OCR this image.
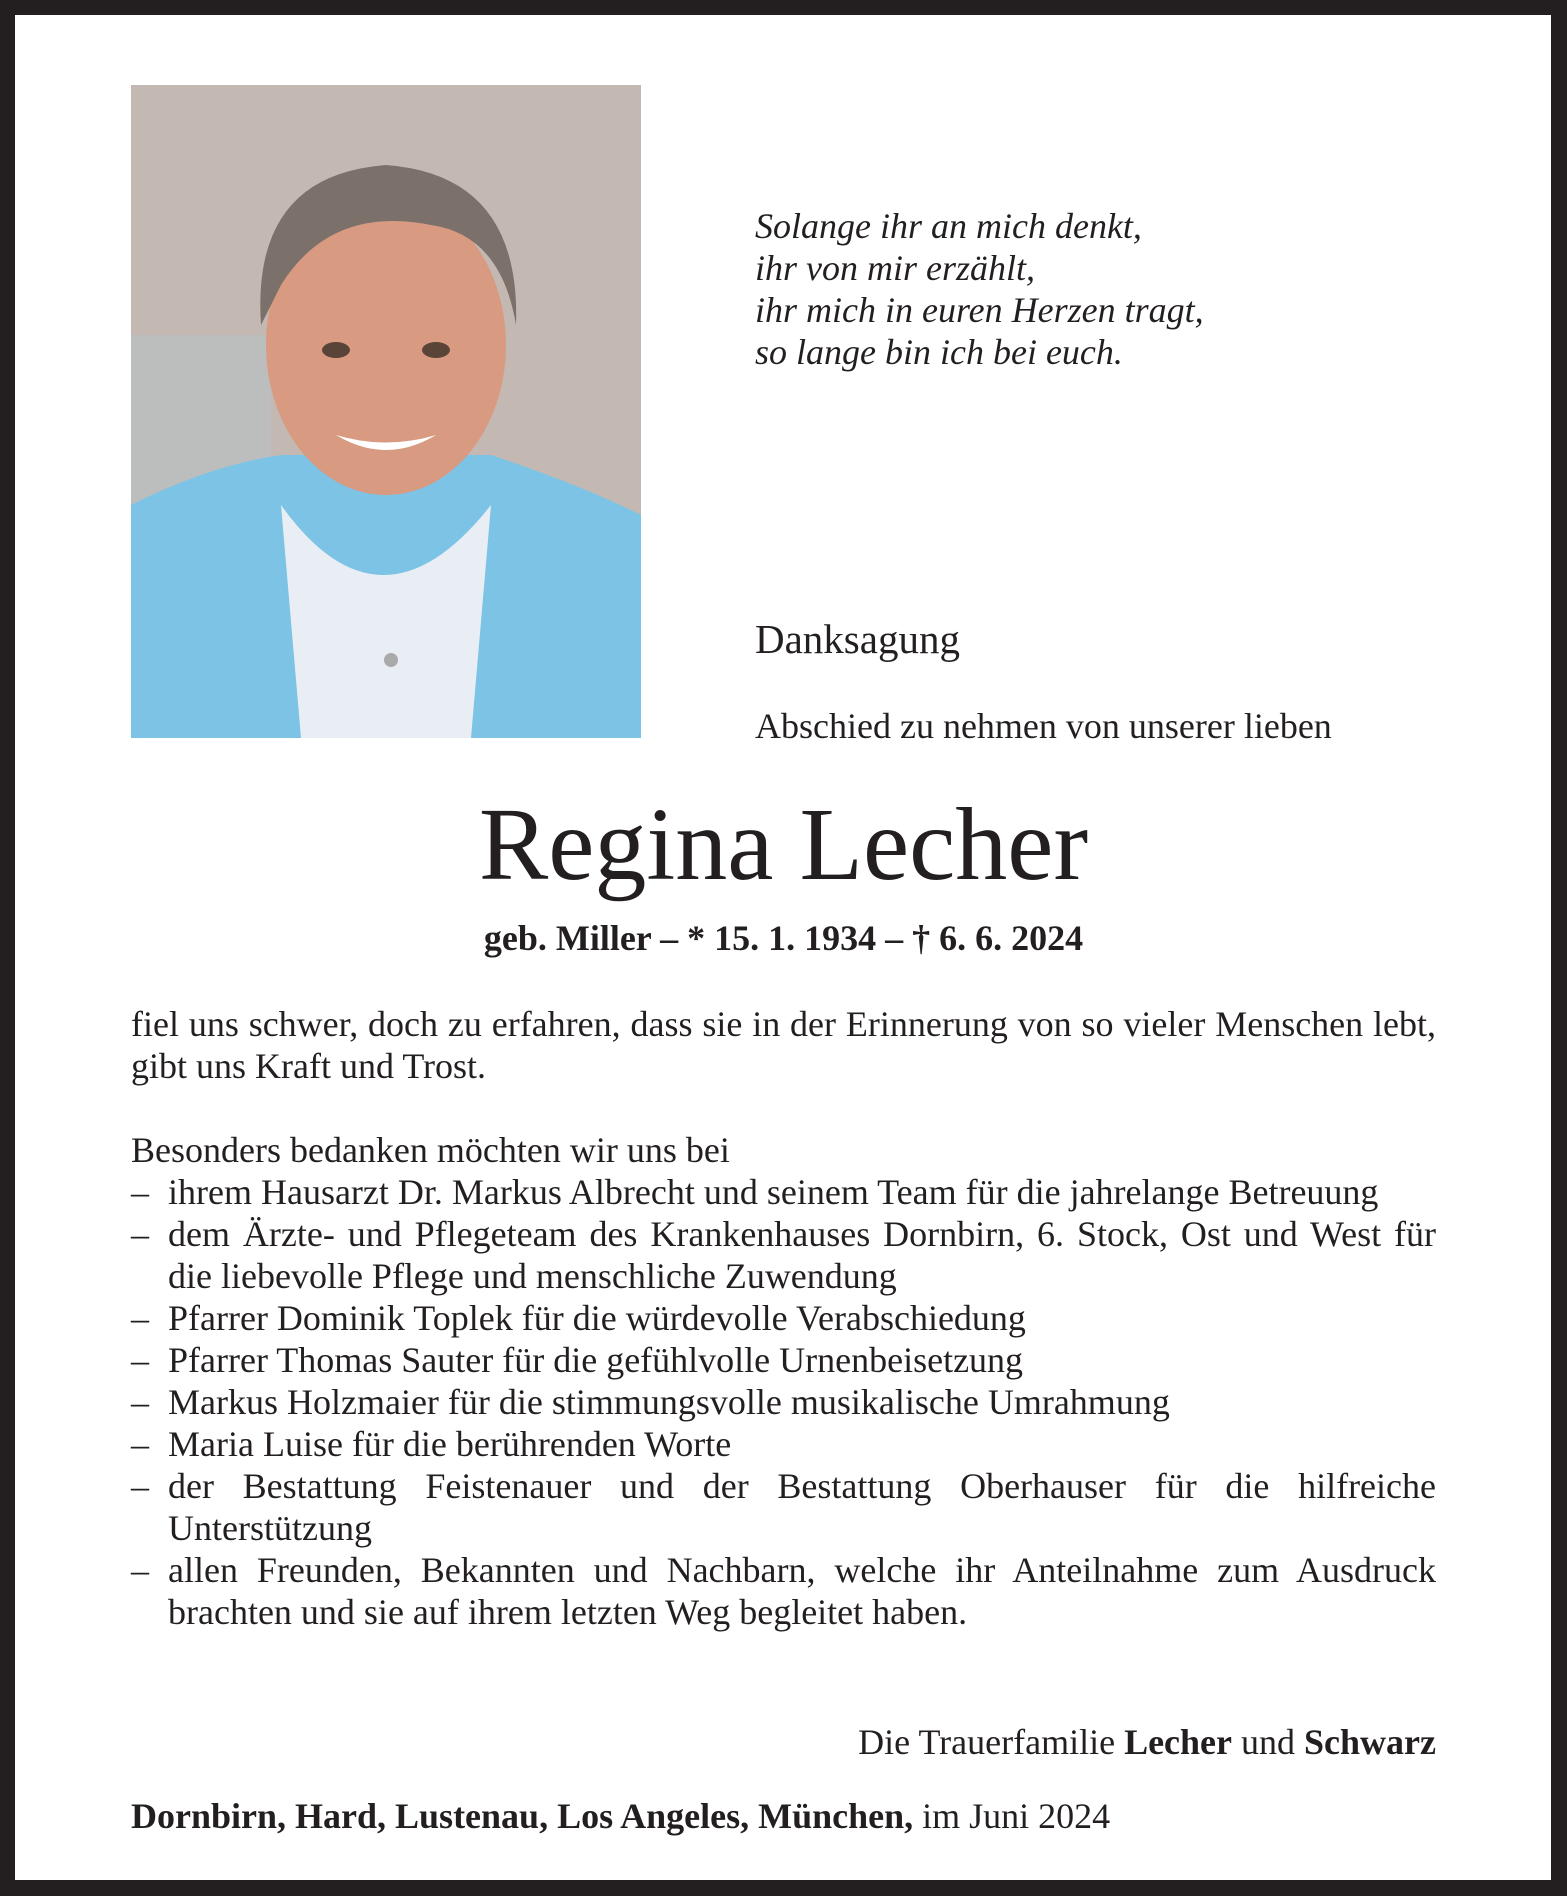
Solange ihr an mich denkt,
ihr von mir erzählt,
ihr mich in euren Herzen tragt,
so lange bin ich bei euch.
Danksagung
Abschied zu nehmen von unserer lieben
Regina Lecher
geb. Miller – * 15. 1. 1934 – † 6. 6. 2024
fiel uns schwer, doch zu erfahren, dass sie in der Erinnerung von so vieler Menschen lebt, gibt uns Kraft und Trost.
Besonders bedanken möchten wir uns bei
– ihrem Hausarzt Dr. Markus Albrecht und seinem Team für die jahrelange Betreuung
– dem Ärzte- und Pflegeteam des Krankenhauses Dornbirn, 6. Stock, Ost und West für die liebevolle Pflege und menschliche Zuwendung
– Pfarrer Dominik Toplek für die würdevolle Verabschiedung
– Pfarrer Thomas Sauter für die gefühlvolle Urnenbeisetzung
– Markus Holzmaier für die stimmungsvolle musikalische Umrahmung
– Maria Luise für die berührenden Worte
– der Bestattung Feistenauer und der Bestattung Oberhauser für die hilfreiche Unterstützung
– allen Freunden, Bekannten und Nachbarn, welche ihr Anteilnahme zum Ausdruck brachten und sie auf ihrem letzten Weg begleitet haben.
Die Trauerfamilie Lecher und Schwarz
Dornbirn, Hard, Lustenau, Los Angeles, München, im Juni 2024
